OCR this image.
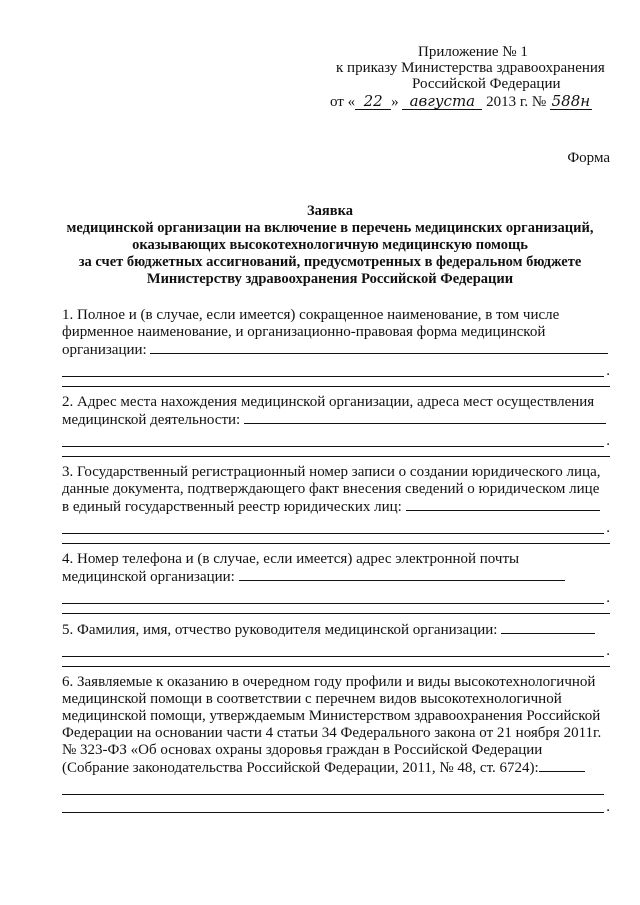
Приложение № 1
к приказу Министерства здравоохранения
Российской Федерации
от « 22 » августа 2013 г. № 588н
Форма
Заявка
медицинской организации на включение в перечень медицинских организаций,
оказывающих высокотехнологичную медицинскую помощь
за счет бюджетных ассигнований, предусмотренных в федеральном бюджете
Министерству здравоохранения Российской Федерации

1. Полное и (в случае, если имеется) сокращенное наименование, в том числе

фирменное наименование, и организационно-правовая форма медицинской

организации:

.

2. Адрес места нахождения медицинской организации, адреса мест осуществления

медицинской деятельности:

.

3. Государственный регистрационный номер записи о создании юридического лица,

данные документа, подтверждающего факт внесения сведений о юридическом лице

в единый государственный реестр юридических лиц:

.

4. Номер телефона и (в случае, если имеется) адрес электронной почты

медицинской организации:

.

5. Фамилия, имя, отчество руководителя медицинской организации:

.

6. Заявляемые к оказанию в очередном году профили и виды высокотехнологичной

медицинской помощи в соответствии с перечнем видов высокотехнологичной

медицинской помощи, утверждаемым Министерством здравоохранения Российской

Федерации на основании части 4 статьи 34 Федерального закона от 21 ноября 2011г.

№ 323-ФЗ «Об основах охраны здоровья граждан в Российской Федерации

(Собрание законодательства Российской Федерации, 2011, № 48, ст. 6724):

.
